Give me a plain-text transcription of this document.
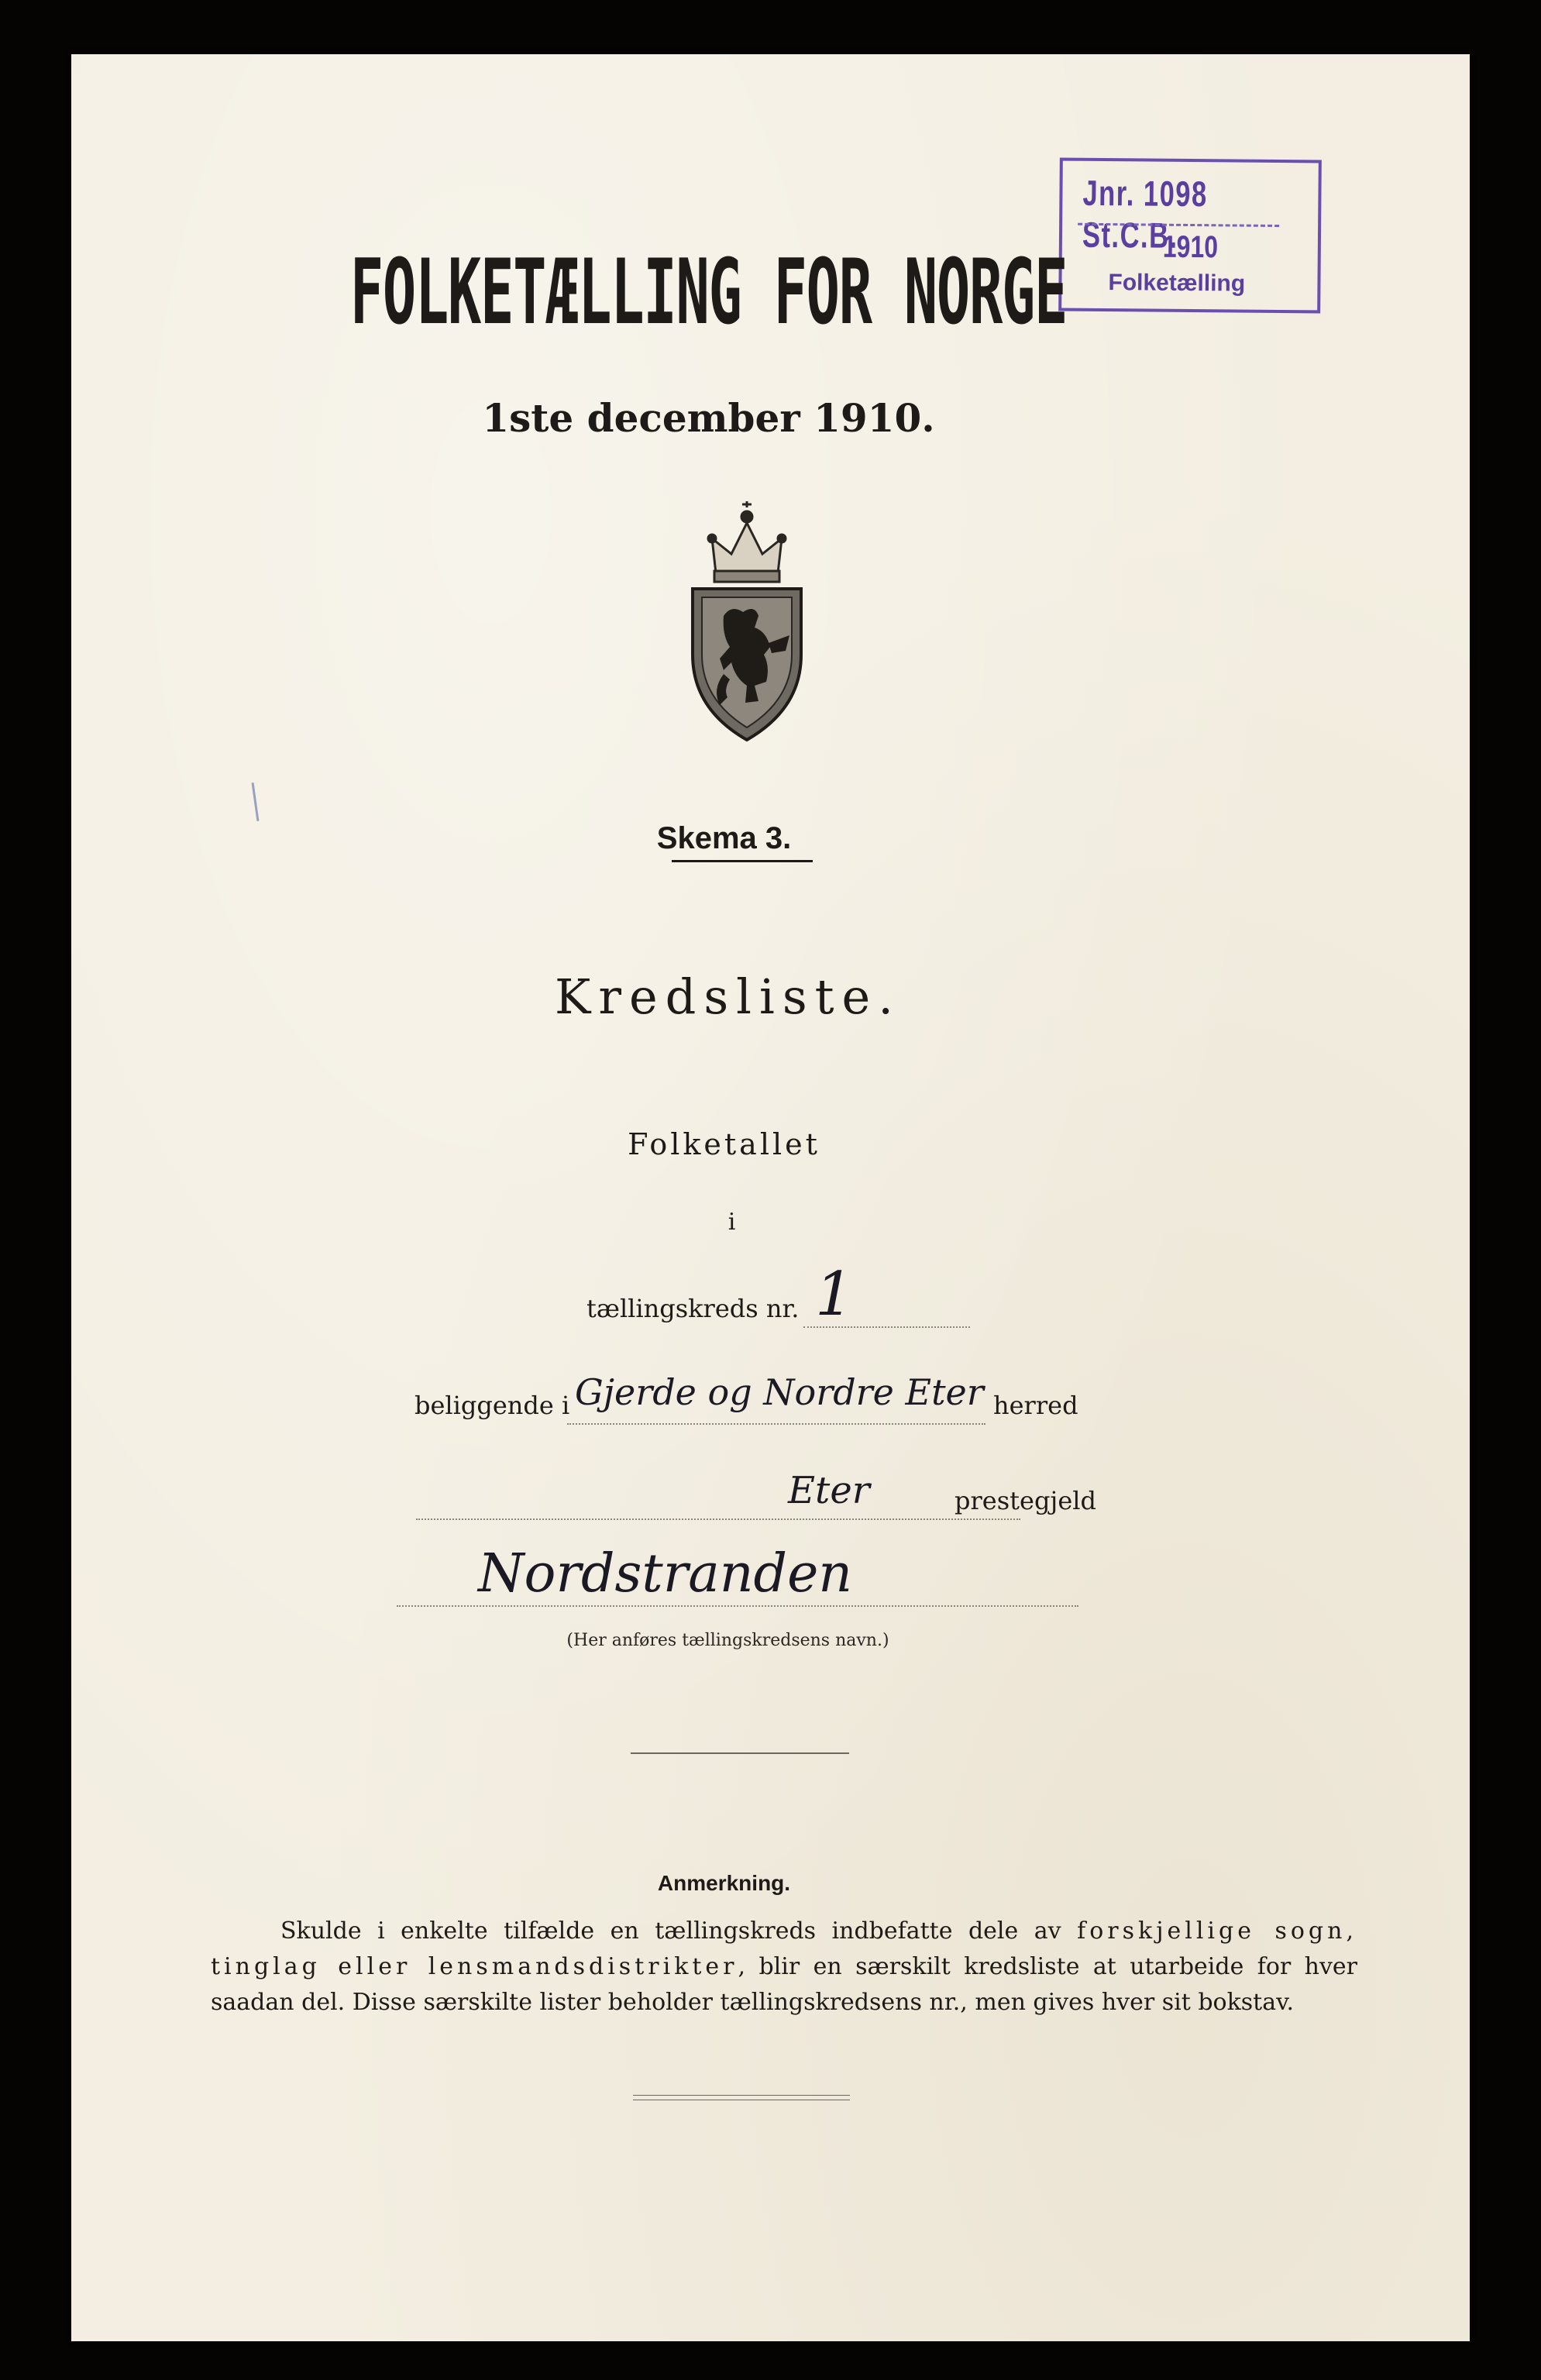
Jnr. 1098 St.C.B.
1910
Folketælling
FOLKETÆLLING FOR NORGE
1ste december 1910.
Skema 3.
Kredsliste.
Folketallet
i
tællingskreds nr. 1
beliggende i Gjerde og Nordre Eter herred
Eter	prestegjeld
Nordstranden
(Her anføres tællingskredsens navn.)
Anmerkning.

Skulde i enkelte tilfælde en tællingskreds indbefatte dele av forskjellige sogn, tinglag eller lensmandsdistrikter, blir en særskilt kredsliste at utarbeide for hver saadan del. Disse særskilte lister beholder tællingskredsens nr., men gives hver sit bokstav.
